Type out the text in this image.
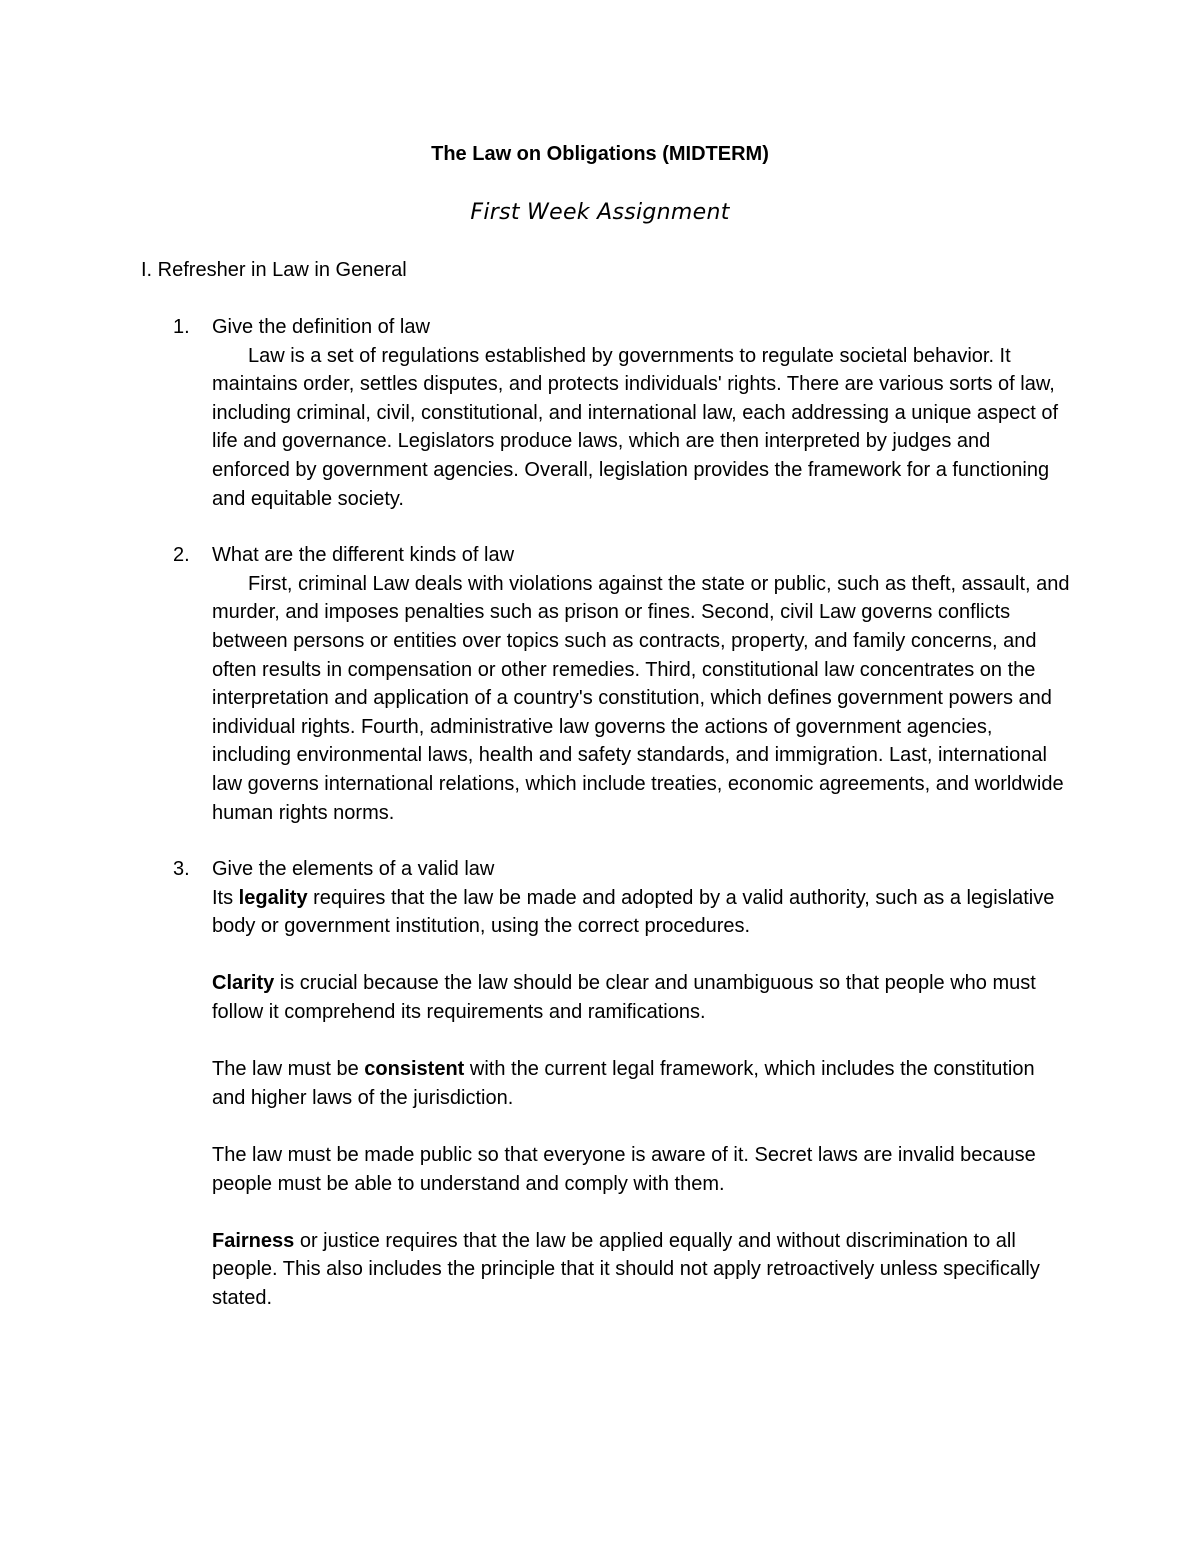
The Law on Obligations (MIDTERM)
First Week Assignment
I. Refresher in Law in General
1. Give the definition of law
Law is a set of regulations established by governments to regulate societal behavior. It maintains order, settles disputes, and protects individuals' rights. There are various sorts of law, including criminal, civil, constitutional, and international law, each addressing a unique aspect of life and governance. Legislators produce laws, which are then interpreted by judges and enforced by government agencies. Overall, legislation provides the framework for a functioning and equitable society.
2. What are the different kinds of law
First, criminal Law deals with violations against the state or public, such as theft, assault, and murder, and imposes penalties such as prison or fines. Second, civil Law governs conflicts between persons or entities over topics such as contracts, property, and family concerns, and often results in compensation or other remedies. Third, constitutional law concentrates on the interpretation and application of a country's constitution, which defines government powers and individual rights. Fourth, administrative law governs the actions of government agencies, including environmental laws, health and safety standards, and immigration. Last, international law governs international relations, which include treaties, economic agreements, and worldwide human rights norms.
3. Give the elements of a valid law
Its legality requires that the law be made and adopted by a valid authority, such as a legislative body or government institution, using the correct procedures.
Clarity is crucial because the law should be clear and unambiguous so that people who must follow it comprehend its requirements and ramifications.
The law must be consistent with the current legal framework, which includes the constitution and higher laws of the jurisdiction.
The law must be made public so that everyone is aware of it. Secret laws are invalid because people must be able to understand and comply with them.
Fairness or justice requires that the law be applied equally and without discrimination to all people. This also includes the principle that it should not apply retroactively unless specifically stated.
